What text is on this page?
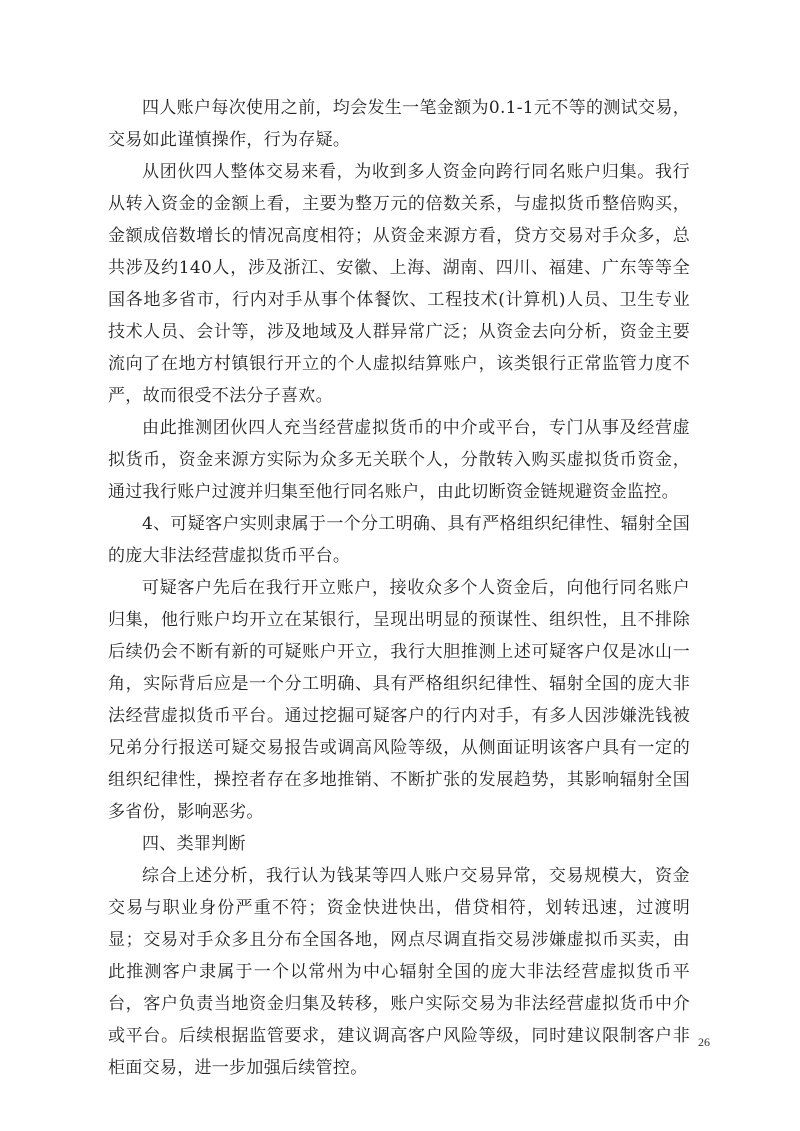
四人账户每次使用之前，均会发生一笔金额为0.1-1元不等的测试交易，交易如此谨慎操作，行为存疑。

从团伙四人整体交易来看，为收到多人资金向跨行同名账户归集。我行从转入资金的金额上看，主要为整万元的倍数关系，与虚拟货币整倍购买，金额成倍数增长的情况高度相符；从资金来源方看，贷方交易对手众多，总共涉及约140人，涉及浙江、安徽、上海、湖南、四川、福建、广东等等全国各地多省市，行内对手从事个体餐饮、工程技术(计算机)人员、卫生专业技术人员、会计等，涉及地域及人群异常广泛；从资金去向分析，资金主要流向了在地方村镇银行开立的个人虚拟结算账户，该类银行正常监管力度不严，故而很受不法分子喜欢。

由此推测团伙四人充当经营虚拟货币的中介或平台，专门从事及经营虚拟货币，资金来源方实际为众多无关联个人，分散转入购买虚拟货币资金，通过我行账户过渡并归集至他行同名账户，由此切断资金链规避资金监控。

4、可疑客户实则隶属于一个分工明确、具有严格组织纪律性、辐射全国的庞大非法经营虚拟货币平台。

可疑客户先后在我行开立账户，接收众多个人资金后，向他行同名账户归集，他行账户均开立在某银行，呈现出明显的预谋性、组织性，且不排除后续仍会不断有新的可疑账户开立，我行大胆推测上述可疑客户仅是冰山一角，实际背后应是一个分工明确、具有严格组织纪律性、辐射全国的庞大非法经营虚拟货币平台。通过挖掘可疑客户的行内对手，有多人因涉嫌洗钱被兄弟分行报送可疑交易报告或调高风险等级，从侧面证明该客户具有一定的组织纪律性，操控者存在多地推销、不断扩张的发展趋势，其影响辐射全国多省份，影响恶劣。

四、类罪判断

综合上述分析，我行认为钱某等四人账户交易异常，交易规模大，资金交易与职业身份严重不符；资金快进快出，借贷相符，划转迅速，过渡明显；交易对手众多且分布全国各地，网点尽调直指交易涉嫌虚拟币买卖，由此推测客户隶属于一个以常州为中心辐射全国的庞大非法经营虚拟货币平台，客户负责当地资金归集及转移，账户实际交易为非法经营虚拟货币中介或平台。后续根据监管要求，建议调高客户风险等级，同时建议限制客户非柜面交易，进一步加强后续管控。

26
